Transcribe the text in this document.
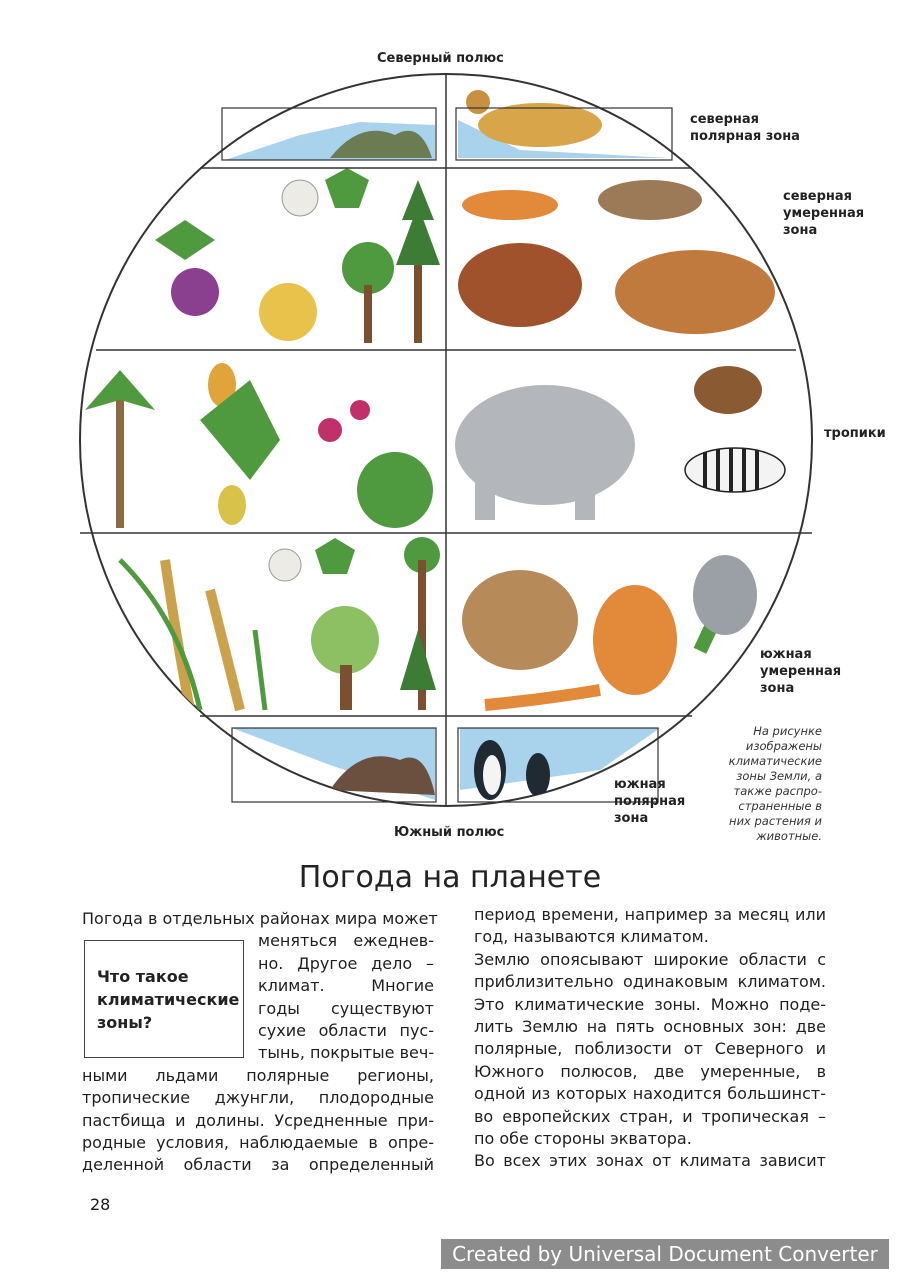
Северный полюс
северная
полярная зона
северная
умеренная
зона
тропики
южная
умеренная
зона
южная
полярная
зона
Южный полюс
На рисунке
изображены
климатические
зоны Земли, а
также распро-
страненные в
них растения и
животные.
Погода на планете
Погода в отдельных районах мира может
меняться ежеднев-
но. Другое дело –
климат. Многие
годы существуют
сухие области пус-
тынь, покрытые веч-
ными льдами полярные регионы,
тропические джунгли, плодородные
пастбища и долины. Усредненные при-
родные условия, наблюдаемые в опре-
деленной области за определенный
Что такое
климатические
зоны?
период времени, например за месяц или
год, называются климатом.
Землю опоясывают широкие области с
приблизительно одинаковым климатом.
Это климатические зоны. Можно поде-
лить Землю на пять основных зон: две
полярные, поблизости от Северного и
Южного полюсов, две умеренные, в
одной из которых находится большинст-
во европейских стран, и тропическая –
по обе стороны экватора.
Во всех этих зонах от климата зависит
28
Created by Universal Document Converter
